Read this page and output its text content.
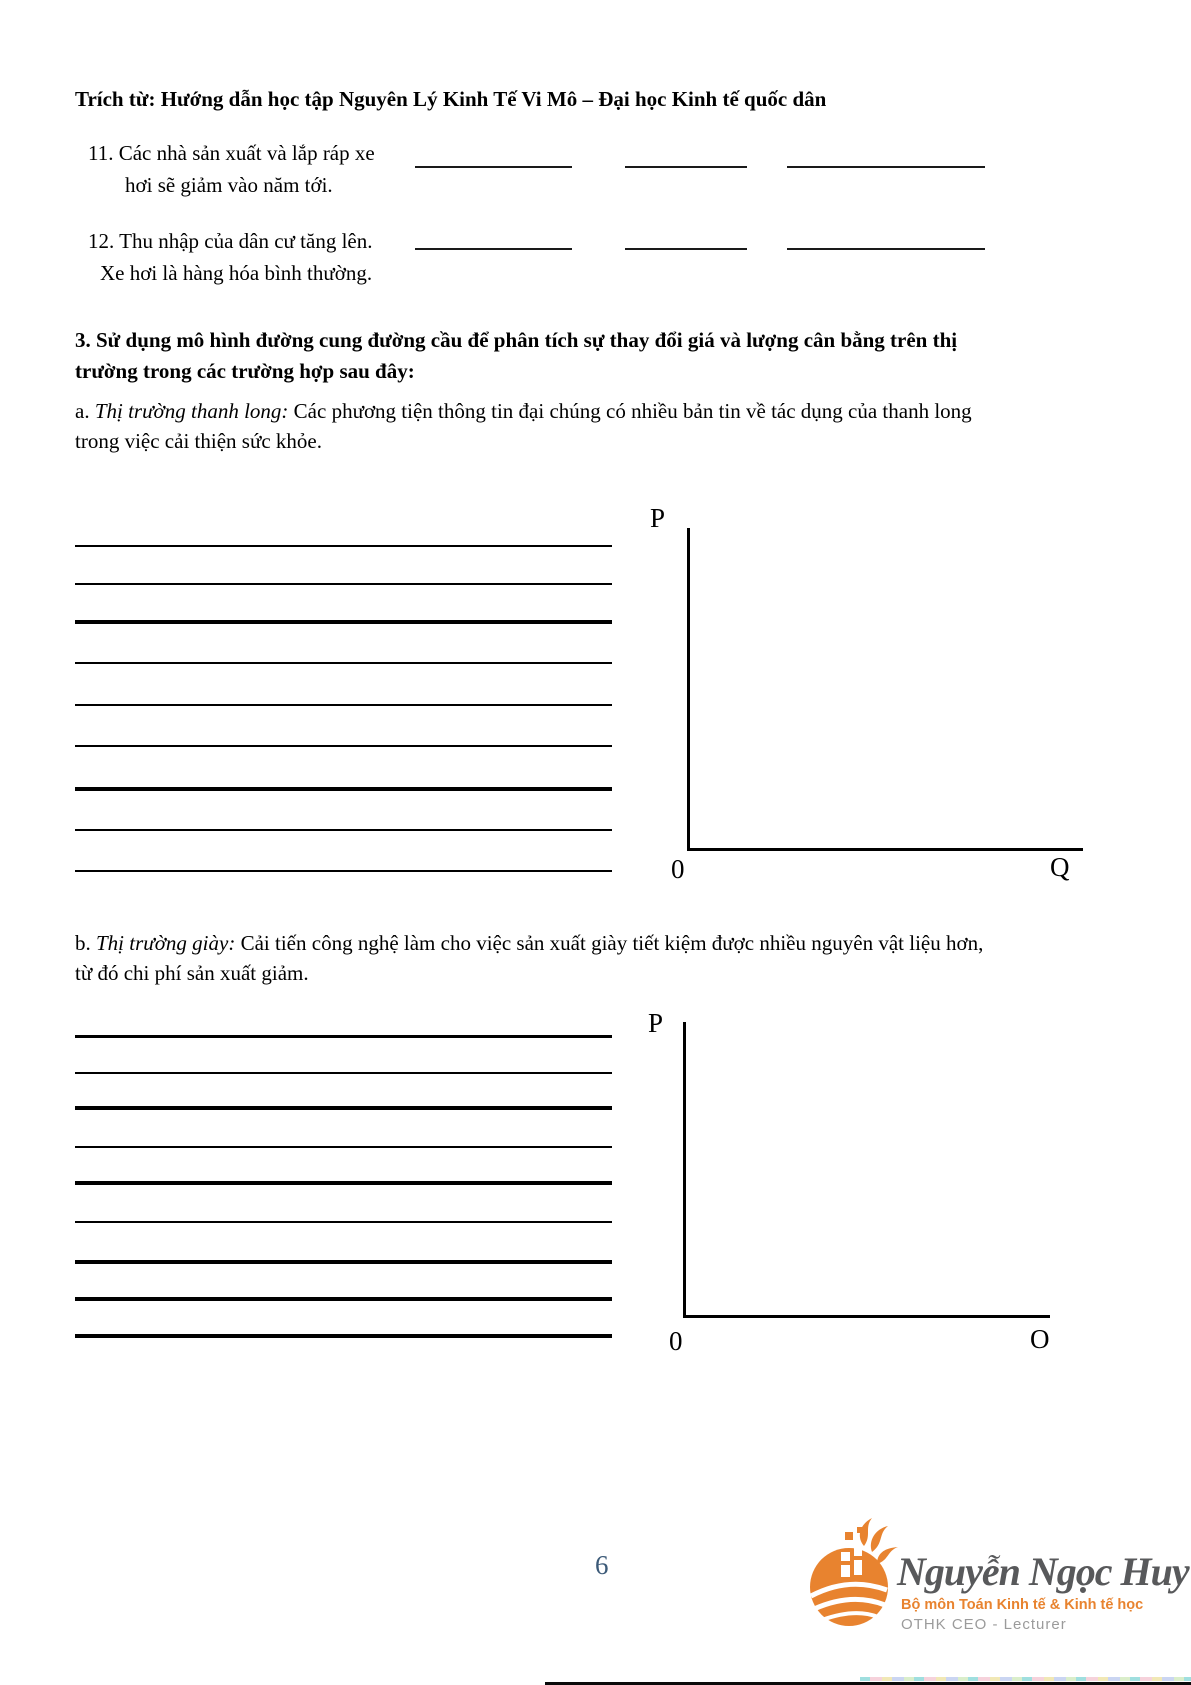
Trích từ: Hướng dẫn học tập Nguyên Lý Kinh Tế Vi Mô – Đại học Kinh tế quốc dân
11. Các nhà sản xuất và lắp ráp xe
hơi sẽ giảm vào năm tới.
12. Thu nhập của dân cư tăng lên.
Xe hơi là hàng hóa bình thường.
3. Sử dụng mô hình đường cung đường cầu để phân tích sự thay đổi giá và lượng cân bằng trên thị
trường trong các trường hợp sau đây:
a. Thị trường thanh long: Các phương tiện thông tin đại chúng có nhiều bản tin về tác dụng của thanh long
trong việc cải thiện sức khỏe.
P
0	Q
b. Thị trường giày: Cải tiến công nghệ làm cho việc sản xuất giày tiết kiệm được nhiều nguyên vật liệu hơn,
từ đó chi phí sản xuất giảm.
P
0	O
6	Nguyễn Ngọc Huy
Bộ môn Toán Kinh tế & Kinh tế học
OTHK CEO - Lecturer
